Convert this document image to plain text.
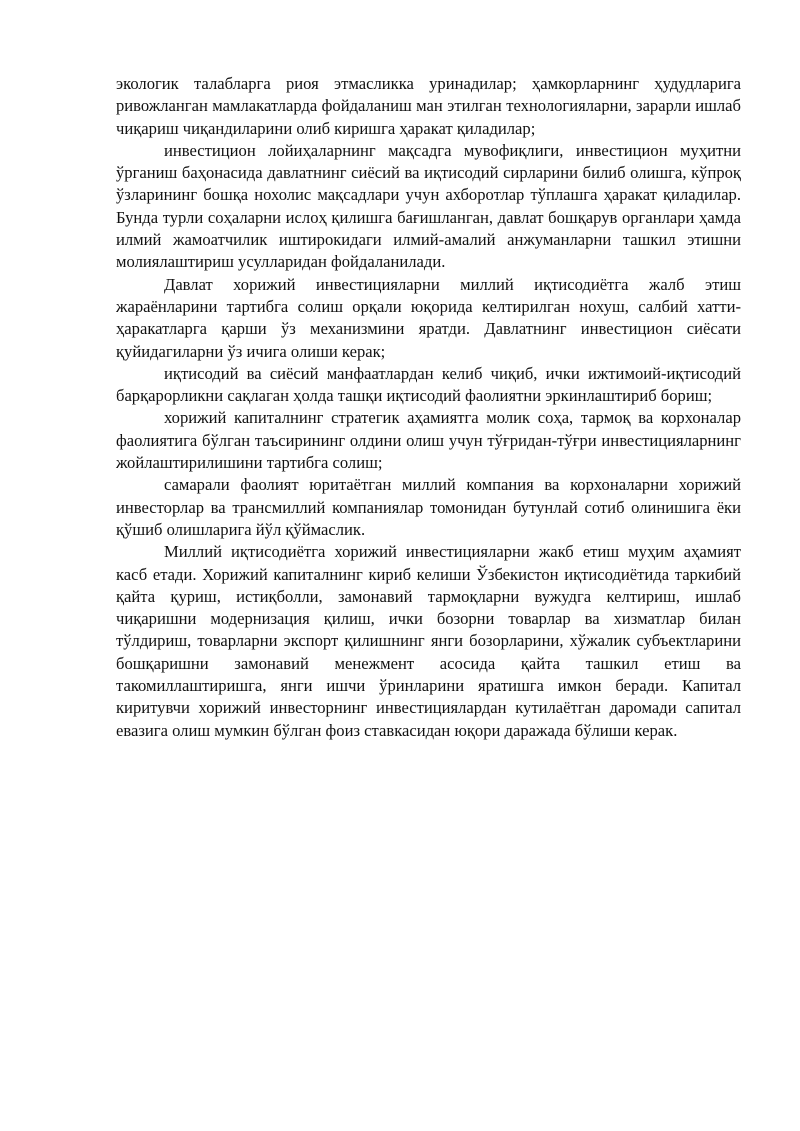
экологик талабларга риоя этмасликка уринадилар; ҳамкорларнинг ҳудудларига ривожланган мамлакатларда фойдаланиш ман этилган технологияларни, зарарли ишлаб чиқариш чиқандиларини олиб киришга ҳаракат қиладилар;

инвестицион лойиҳаларнинг мақсадга мувофиқлиги, инвестицион муҳитни ўрганиш баҳонасида давлатнинг сиёсий ва иқтисодий сирларини билиб олишга, кўпроқ ўзларининг бошқа нохолис мақсадлари учун ахборотлар тўплашга ҳаракат қиладилар. Бунда турли соҳаларни ислоҳ қилишга бағишланган, давлат бошқарув органлари ҳамда илмий жамоатчилик иштирокидаги илмий-амалий анжуманларни ташкил этишни молиялаштириш усулларидан фойдаланилади.

Давлат хорижий инвестицияларни миллий иқтисодиётга жалб этиш жараёнларини тартибга солиш орқали юқорида келтирилган нохуш, салбий хатти-ҳаракатларга қарши ўз механизмини яратди. Давлатнинг инвестицион сиёсати қуйидагиларни ўз ичига олиши керак;

иқтисодий ва сиёсий манфаатлардан келиб чиқиб, ички ижтимоий-иқтисодий барқарорликни сақлаган ҳолда ташқи иқтисодий фаолиятни эркинлаштириб бориш;

хорижий капиталнинг стратегик аҳамиятга молик соҳа, тармоқ ва корхоналар фаолиятига бўлган таъсирининг олдини олиш учун тўғридан-тўғри инвестицияларнинг жойлаштирилишини тартибга солиш;

самарали фаолият юритаётган миллий компания ва корхоналарни хорижий инвесторлар ва трансмиллий компаниялар томонидан бутунлай сотиб олинишига ёки қўшиб олишларига йўл қўймаслик.

Миллий иқтисодиётга хорижий инвестицияларни жакб етиш муҳим аҳамият касб етади. Хорижий капиталнинг кириб келиши Ўзбекистон иқтисодиётида таркибий қайта қуриш, истиқболли, замонавий тармоқларни вужудга келтириш, ишлаб чиқаришни модернизация қилиш, ички бозорни товарлар ва хизматлар билан тўлдириш, товарларни экспорт қилишнинг янги бозорларини, хўжалик субъектларини бошқаришни замонавий менежмент асосида қайта ташкил етиш ва такомиллаштиришга, янги ишчи ўринларини яратишга имкон беради. Капитал киритувчи хорижий инвесторнинг инвестициялардан кутилаётган даромади сапитал евазига олиш мумкин бўлган фоиз ставкасидан юқори даражада бўлиши керак.
